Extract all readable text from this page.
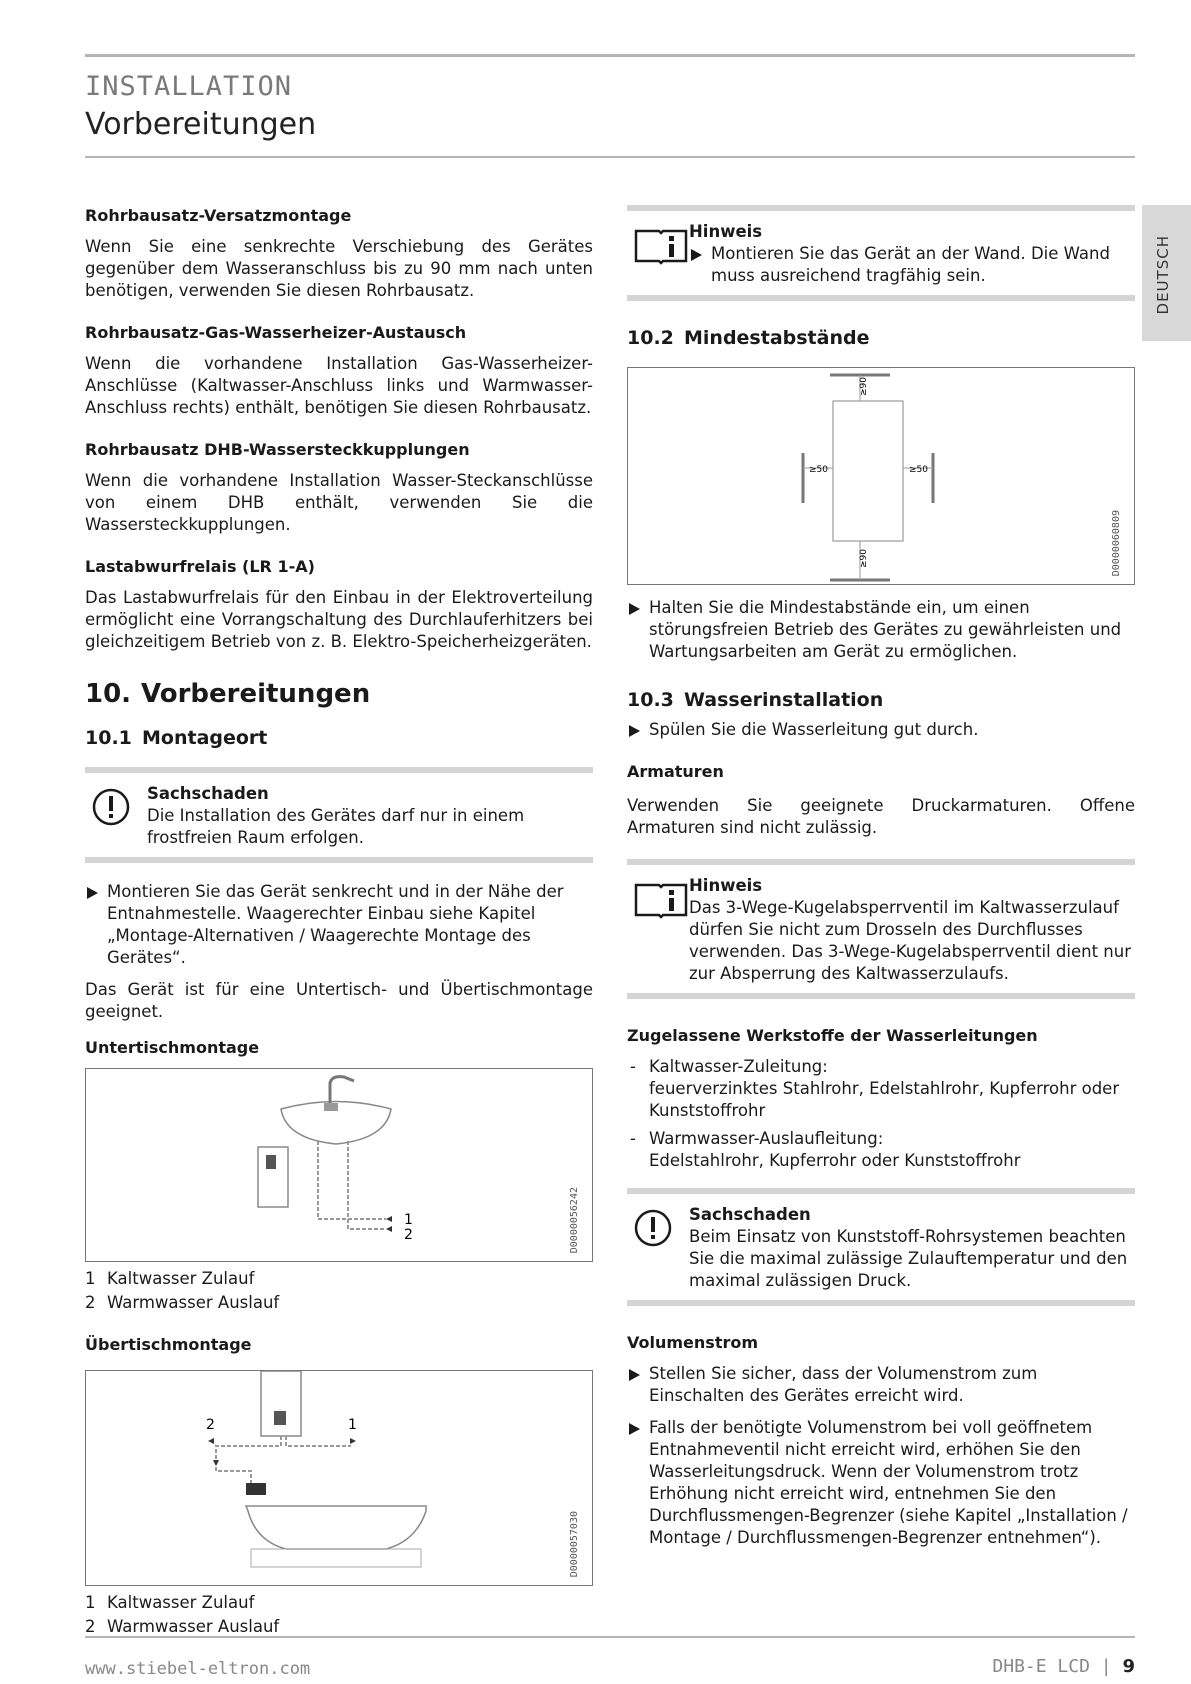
INSTALLATION
Vorbereitungen
DEUTSCH
Rohrbausatz-Versatzmontage
Wenn Sie eine senkrechte Verschiebung des Gerätes gegenüber dem Wasseranschluss bis zu 90 mm nach unten benötigen, verwenden Sie diesen Rohrbausatz.
Rohrbausatz-Gas-Wasserheizer-Austausch
Wenn die vorhandene Installation Gas-Wasserheizer-Anschlüsse (Kaltwasser-Anschluss links und Warmwasser-Anschluss rechts) enthält, benötigen Sie diesen Rohrbausatz.
Rohrbausatz DHB-Wassersteckkupplungen
Wenn die vorhandene Installation Wasser-Steckanschlüsse von einem DHB enthält, verwenden Sie die Wassersteckkupplungen.
Lastabwurfrelais (LR 1-A)
Das Lastabwurfrelais für den Einbau in der Elektroverteilung ermöglicht eine Vorrangschaltung des Durchlauferhitzers bei gleichzeitigem Betrieb von z. B. Elektro-Speicherheizgeräten.
10. Vorbereitungen
10.1 Montageort
Sachschaden
Die Installation des Gerätes darf nur in einem frostfreien Raum erfolgen.
Montieren Sie das Gerät senkrecht und in der Nähe der Entnahmestelle. Waagerechter Einbau siehe Kapitel „Montage-Alternativen / Waagerechte Montage des Gerätes“.
Das Gerät ist für eine Untertisch- und Übertischmontage geeignet.
Untertischmontage
1
2	D0000056242
1 Kaltwasser Zulauf
2 Warmwasser Auslauf
Übertischmontage
2	1
D0000057030
1 Kaltwasser Zulauf
2 Warmwasser Auslauf
Hinweis
Montieren Sie das Gerät an der Wand. Die Wand muss ausreichend tragfähig sein.
10.2 Mindestabstände
≥90
≥50	≥50
≥90	D0000060809
Halten Sie die Mindestabstände ein, um einen störungsfreien Betrieb des Gerätes zu gewährleisten und Wartungsarbeiten am Gerät zu ermöglichen.
10.3 Wasserinstallation
Spülen Sie die Wasserleitung gut durch.
Armaturen
Verwenden Sie geeignete Druckarmaturen. Offene Armaturen sind nicht zulässig.
Hinweis
Das 3-Wege-Kugelabsperrventil im Kaltwasserzulauf dürfen Sie nicht zum Drosseln des Durchflusses verwenden. Das 3-Wege-Kugelabsperrventil dient nur zur Absperrung des Kaltwasserzulaufs.
Zugelassene Werkstoffe der Wasserleitungen
- Kaltwasser-Zuleitung:
feuerverzinktes Stahlrohr, Edelstahlrohr, Kupferrohr oder Kunststoffrohr
- Warmwasser-Auslaufleitung:
Edelstahlrohr, Kupferrohr oder Kunststoffrohr
Sachschaden
Beim Einsatz von Kunststoff-Rohrsystemen beachten Sie die maximal zulässige Zulauftemperatur und den maximal zulässigen Druck.
Volumenstrom
Stellen Sie sicher, dass der Volumenstrom zum Einschalten des Gerätes erreicht wird.
Falls der benötigte Volumenstrom bei voll geöffnetem Entnahmeventil nicht erreicht wird, erhöhen Sie den Wasserleitungsdruck. Wenn der Volumenstrom trotz Erhöhung nicht erreicht wird, entnehmen Sie den Durchflussmengen-Begrenzer (siehe Kapitel „Installation / Montage / Durchflussmengen-Begrenzer entnehmen“).
www.stiebel-eltron.com	DHB-E LCD | 9
